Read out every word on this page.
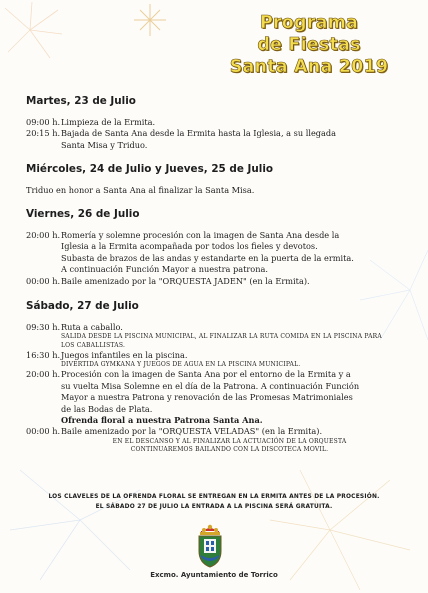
Programa
de Fiestas
Santa Ana 2019
Martes, 23 de Julio
09:00 h. Limpieza de la Ermita.
20:15 h. Bajada de Santa Ana desde la Ermita hasta la Iglesia, a su llegada
Santa Misa y Triduo.
Miércoles, 24 de Julio y Jueves, 25 de Julio
Triduo en honor a Santa Ana al finalizar la Santa Misa.
Viernes, 26 de Julio
20:00 h. Romería y solemne procesión con la imagen de Santa Ana desde la
Iglesia a la Ermita acompañada por todos los fieles y devotos.
Subasta de brazos de las andas y estandarte en la puerta de la ermita.
A continuación Función Mayor a nuestra patrona.
00:00 h. Baile amenizado por la "ORQUESTA JADEN" (en la Ermita).
Sábado, 27 de Julio
09:30 h. Ruta a caballo.
SALIDA DESDE LA PISCINA MUNICIPAL, AL FINALIZAR LA RUTA COMIDA EN LA PISCINA PARA
LOS CABALLISTAS.
16:30 h. Juegos infantiles en la piscina.
DIVERTIDA GYMKANA Y JUEGOS DE AGUA EN LA PISCINA MUNICIPAL.
20:00 h. Procesión con la imagen de Santa Ana por el entorno de la Ermita y a
su vuelta Misa Solemne en el día de la Patrona. A continuación Función
Mayor a nuestra Patrona y renovación de las Promesas Matrimoniales
de las Bodas de Plata.
Ofrenda floral a nuestra Patrona Santa Ana.
00:00 h. Baile amenizado por la "ORQUESTA VELADAS" (en la Ermita).
EN EL DESCANSO Y AL FINALIZAR LA ACTUACIÓN DE LA ORQUESTA
CONTINUAREMOS BAILANDO CON LA DISCOTECA MOVIL.
LOS CLAVELES DE LA OFRENDA FLORAL SE ENTREGAN EN LA ERMITA ANTES DE LA PROCESIÓN.
EL SÁBADO 27 DE JULIO LA ENTRADA A LA PISCINA SERÁ GRATUITA.
Excmo. Ayuntamiento de Torrico
